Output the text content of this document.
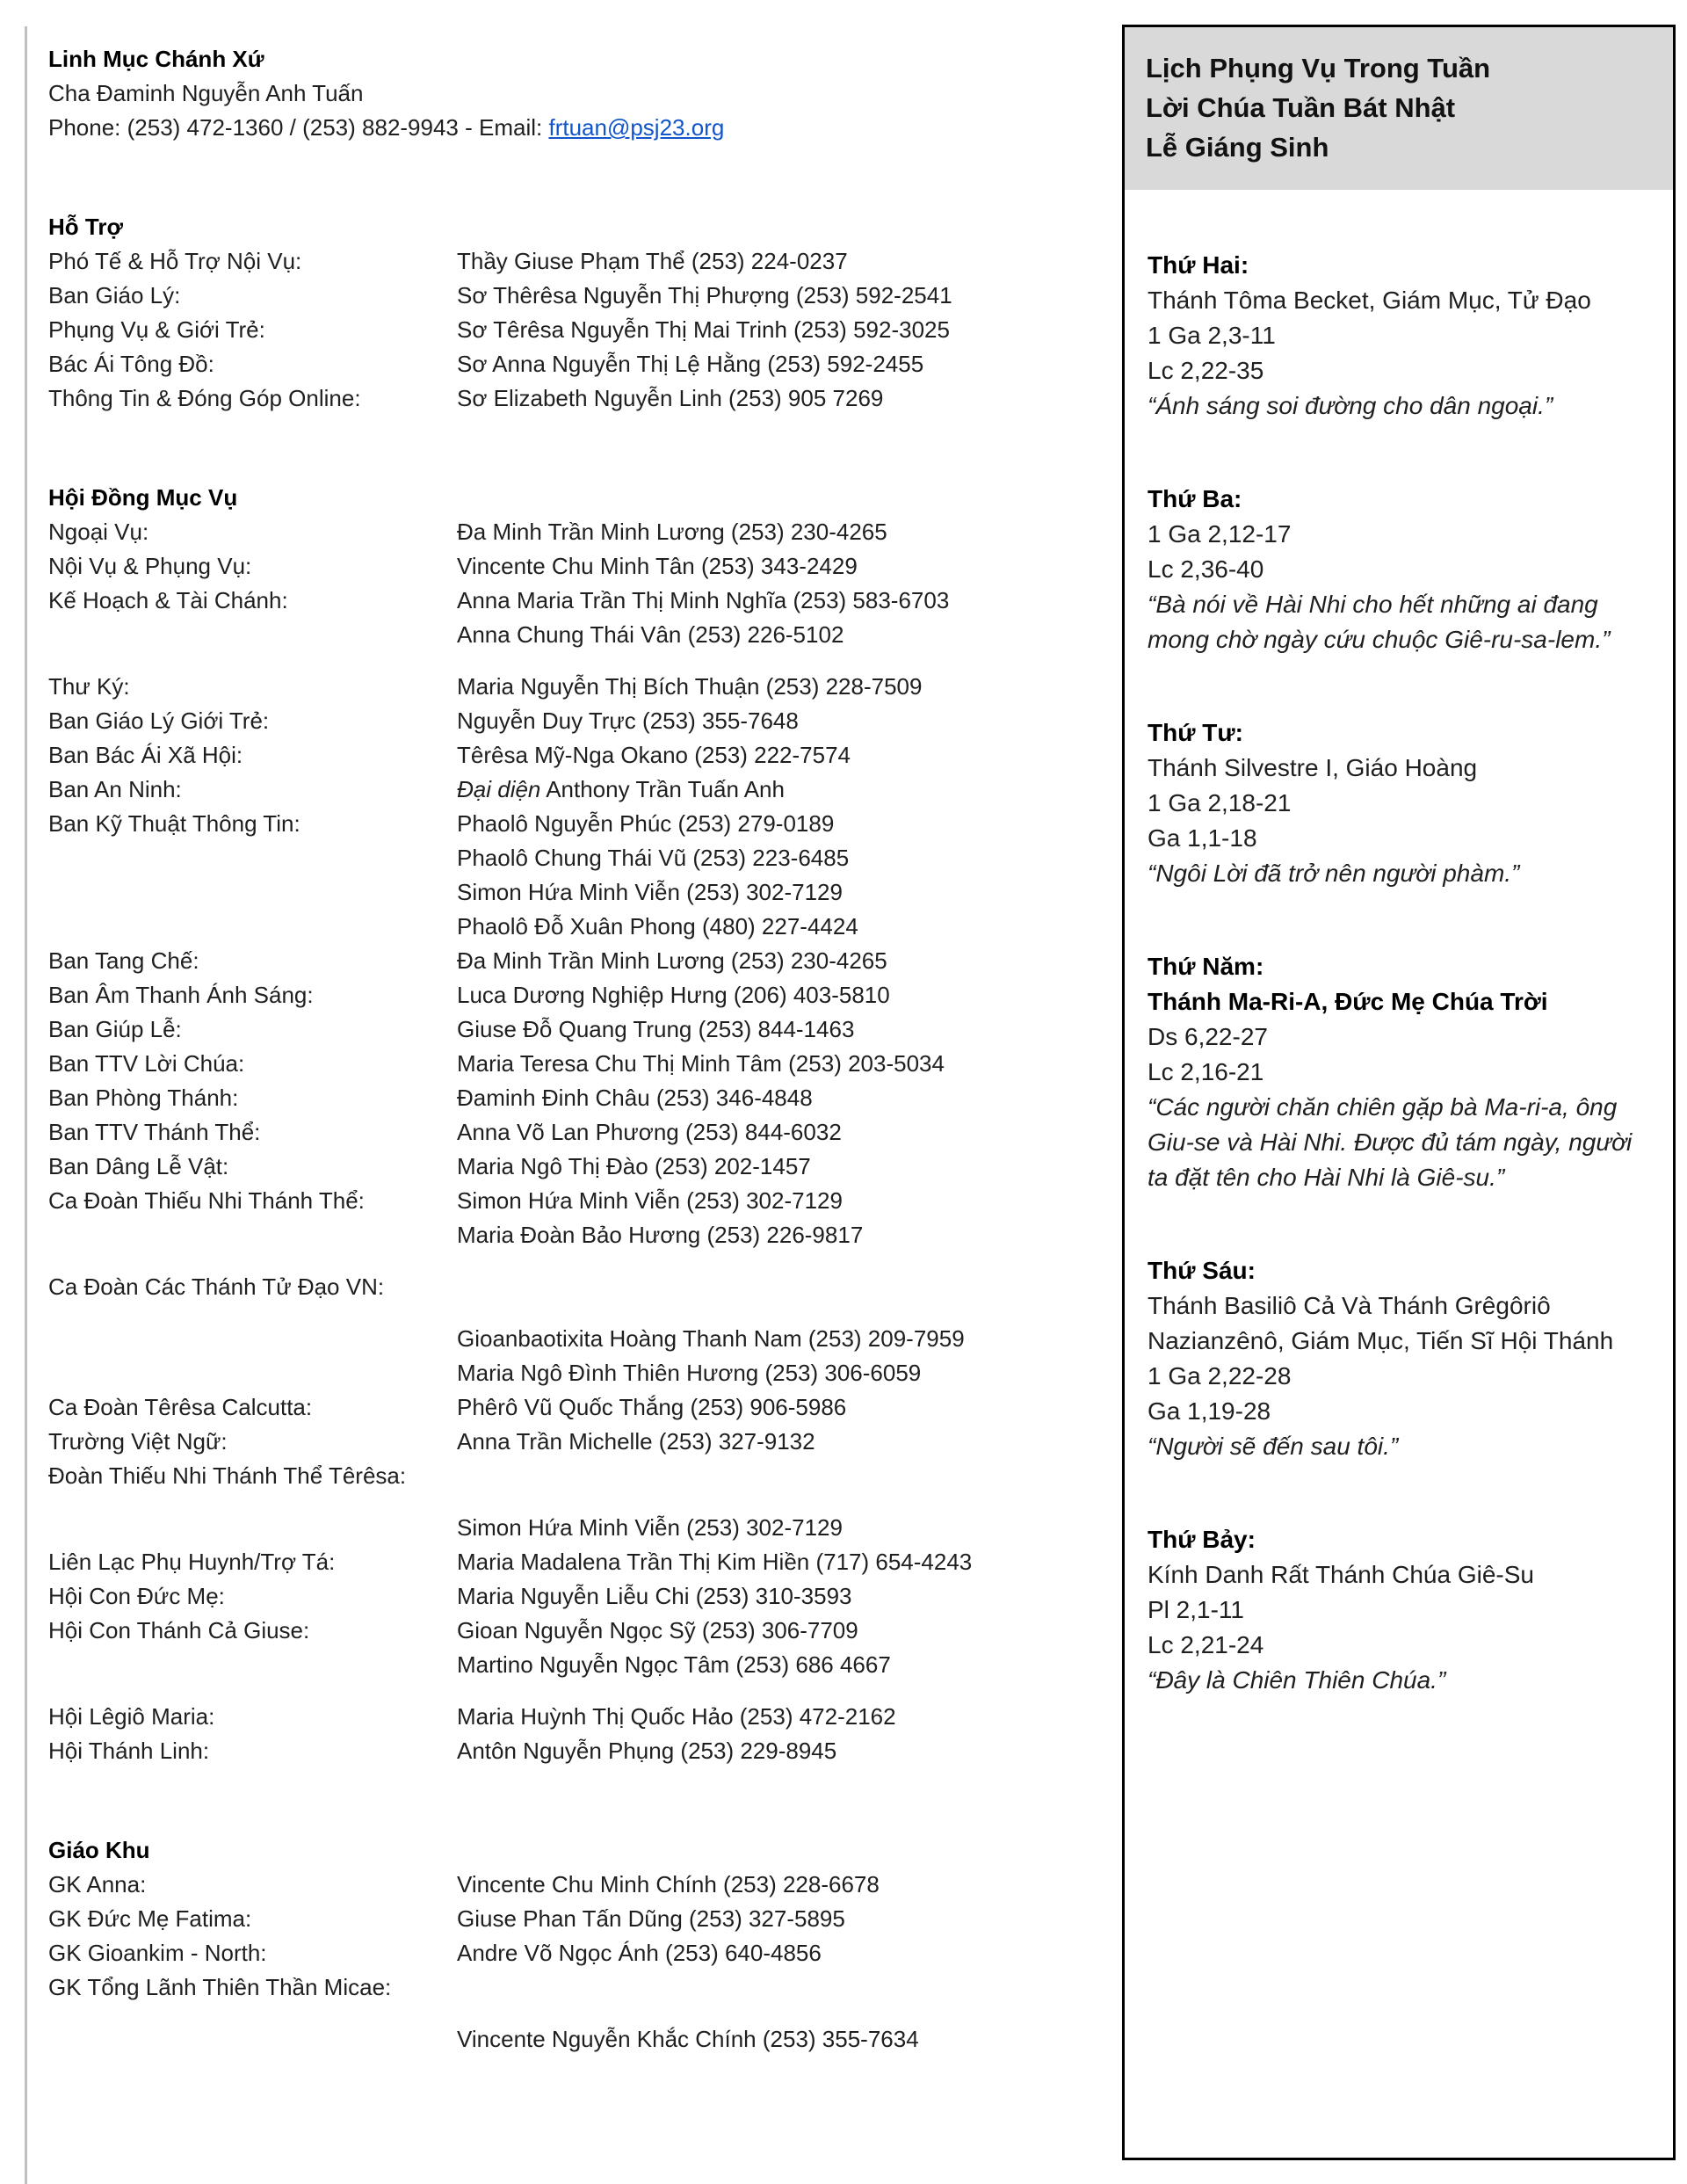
Linh Mục Chánh Xứ
Cha Đaminh Nguyễn Anh Tuấn
Phone: (253) 472-1360 / (253) 882-9943 - Email: frtuan@psj23.org
Hỗ Trợ
Phó Tế & Hỗ Trợ Nội Vụ:	Thầy Giuse Phạm Thể (253) 224-0237
Ban Giáo Lý:	Sơ Thêrêsa Nguyễn Thị Phượng (253) 592-2541
Phụng Vụ & Giới Trẻ:	Sơ Têrêsa Nguyễn Thị Mai Trinh (253) 592-3025
Bác Ái Tông Đồ:	Sơ Anna Nguyễn Thị Lệ Hằng (253) 592-2455
Thông Tin & Đóng Góp Online:	Sơ Elizabeth Nguyễn Linh (253) 905 7269
Hội Đồng Mục Vụ
Ngoại Vụ:	Đa Minh Trần Minh Lương (253) 230-4265
Nội Vụ & Phụng Vụ:	Vincente Chu Minh Tân (253) 343-2429
Kế Hoạch & Tài Chánh:	Anna Maria Trần Thị Minh Nghĩa (253) 583-6703
Anna Chung Thái Vân (253) 226-5102
Thư Ký:	Maria Nguyễn Thị Bích Thuận (253) 228-7509
Ban Giáo Lý Giới Trẻ:	Nguyễn Duy Trực (253) 355-7648
Ban Bác Ái Xã Hội:	Têrêsa Mỹ-Nga Okano (253) 222-7574
Ban An Ninh:	Đại diện Anthony Trần Tuấn Anh
Ban Kỹ Thuật Thông Tin:	Phaolô Nguyễn Phúc (253) 279-0189
Phaolô Chung Thái Vũ (253) 223-6485
Simon Hứa Minh Viễn (253) 302-7129
Phaolô Đỗ Xuân Phong (480) 227-4424
Ban Tang Chế:	Đa Minh Trần Minh Lương (253) 230-4265
Ban Âm Thanh Ánh Sáng:	Luca Dương Nghiệp Hưng (206) 403-5810
Ban Giúp Lễ:	Giuse Đỗ Quang Trung (253) 844-1463
Ban TTV Lời Chúa:	Maria Teresa Chu Thị Minh Tâm (253) 203-5034
Ban Phòng Thánh:	Đaminh Đinh Châu (253) 346-4848
Ban TTV Thánh Thể:	Anna Võ Lan Phương (253) 844-6032
Ban Dâng Lễ Vật:	Maria Ngô Thị Đào (253) 202-1457
Ca Đoàn Thiếu Nhi Thánh Thể:	Simon Hứa Minh Viễn (253) 302-7129
Maria Đoàn Bảo Hương (253) 226-9817
Ca Đoàn Các Thánh Tử Đạo VN:
Gioanbaotixita Hoàng Thanh Nam (253) 209-7959
Maria Ngô Đình Thiên Hương (253) 306-6059
Ca Đoàn Têrêsa Calcutta:	Phêrô Vũ Quốc Thắng (253) 906-5986
Trường Việt Ngữ:	Anna Trần Michelle (253) 327-9132
Đoàn Thiếu Nhi Thánh Thể Têrêsa:
Simon Hứa Minh Viễn (253) 302-7129
Liên Lạc Phụ Huynh/Trợ Tá:	Maria Madalena Trần Thị Kim Hiền (717) 654-4243
Hội Con Đức Mẹ:	Maria Nguyễn Liễu Chi (253) 310-3593
Hội Con Thánh Cả Giuse:	Gioan Nguyễn Ngọc Sỹ (253) 306-7709
Martino Nguyễn Ngọc Tâm (253) 686 4667
Hội Lêgiô Maria:	Maria Huỳnh Thị Quốc Hảo (253) 472-2162
Hội Thánh Linh:	Antôn Nguyễn Phụng (253) 229-8945
Giáo Khu
GK Anna:	Vincente Chu Minh Chính (253) 228-6678
GK Đức Mẹ Fatima:	Giuse Phan Tấn Dũng (253) 327-5895
GK Gioankim - North:	Andre Võ Ngọc Ánh (253) 640-4856
GK Tổng Lãnh Thiên Thần Micae:
Vincente Nguyễn Khắc Chính (253) 355-7634
Lịch Phụng Vụ Trong Tuần
Lời Chúa Tuần Bát Nhật
Lễ Giáng Sinh
Thứ Hai:
Thánh Tôma Becket, Giám Mục, Tử Đạo
1 Ga 2,3-11
Lc 2,22-35
“Ánh sáng soi đường cho dân ngoại.”
Thứ Ba:
1 Ga 2,12-17
Lc 2,36-40
“Bà nói về Hài Nhi cho hết những ai đang mong chờ ngày cứu chuộc Giê-ru-sa-lem.”
Thứ Tư:
Thánh Silvestre I, Giáo Hoàng
1 Ga 2,18-21
Ga 1,1-18
“Ngôi Lời đã trở nên người phàm.”
Thứ Năm:
Thánh Ma-Ri-A, Đức Mẹ Chúa Trời
Ds 6,22-27
Lc 2,16-21
“Các người chăn chiên gặp bà Ma-ri-a, ông Giu-se và Hài Nhi. Được đủ tám ngày, người ta đặt tên cho Hài Nhi là Giê-su.”
Thứ Sáu:
Thánh Basiliô Cả Và Thánh Grêgôriô Nazianzênô, Giám Mục, Tiến Sĩ Hội Thánh
1 Ga 2,22-28
Ga 1,19-28
“Người sẽ đến sau tôi.”
Thứ Bảy:
Kính Danh Rất Thánh Chúa Giê-Su
Pl 2,1-11
Lc 2,21-24
“Đây là Chiên Thiên Chúa.”
